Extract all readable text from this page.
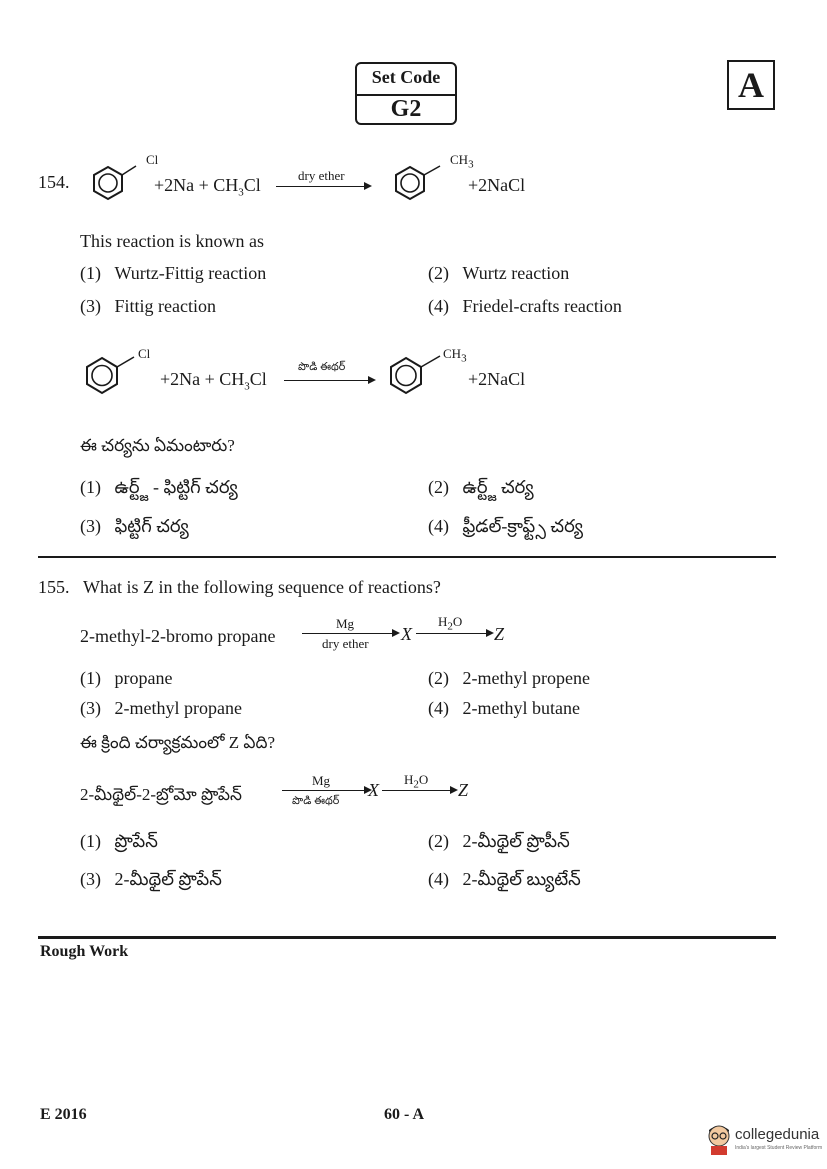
Set Code
G2
A
154.
Cl
$+2Na + CH_3Cl$	dry ether
$CH_3$
+2NaCl
This reaction is known as
(1) Wurtz-Fittig reaction	(2) Wurtz reaction
(3) Fittig reaction	(4) Friedel-crafts reaction
Cl
$+2Na + CH_3Cl$
పొడి ఈథర్
$CH_3$
+2NaCl
ఈ చర్యను ఏమంటారు?
(1) ఉర్ట్జ్ - ఫిట్టిగ్ చర్య	(2) ఉర్ట్జ్ చర్య
(3) ఫిట్టిగ్ చర్య	(4) ఫ్రీడల్-క్రాఫ్ట్స్ చర్య
155. What is Z in the following sequence of reactions?
2-methyl-2-bromo propane
Mg
dry ether X
$H_2O$
Z
(1) propane	(2) 2-methyl propene
(3) 2-methyl propane	(4) 2-methyl butane
ఈ క్రింది చర్యాక్రమంలో Z ఏది?
2-మీథైల్-2-బ్రోమో ప్రొపేన్
Mg
పొడి ఈథర్
X
$H_2O$
Z
(1) ప్రొపేన్	(2) 2-మీథైల్ ప్రొపీన్
(3) 2-మీథైల్ ప్రొపేన్	(4) 2-మీథైల్ బ్యుటేన్
Rough Work
E 2016	60 - A
collegedunia
India's largest Student Review Platform
